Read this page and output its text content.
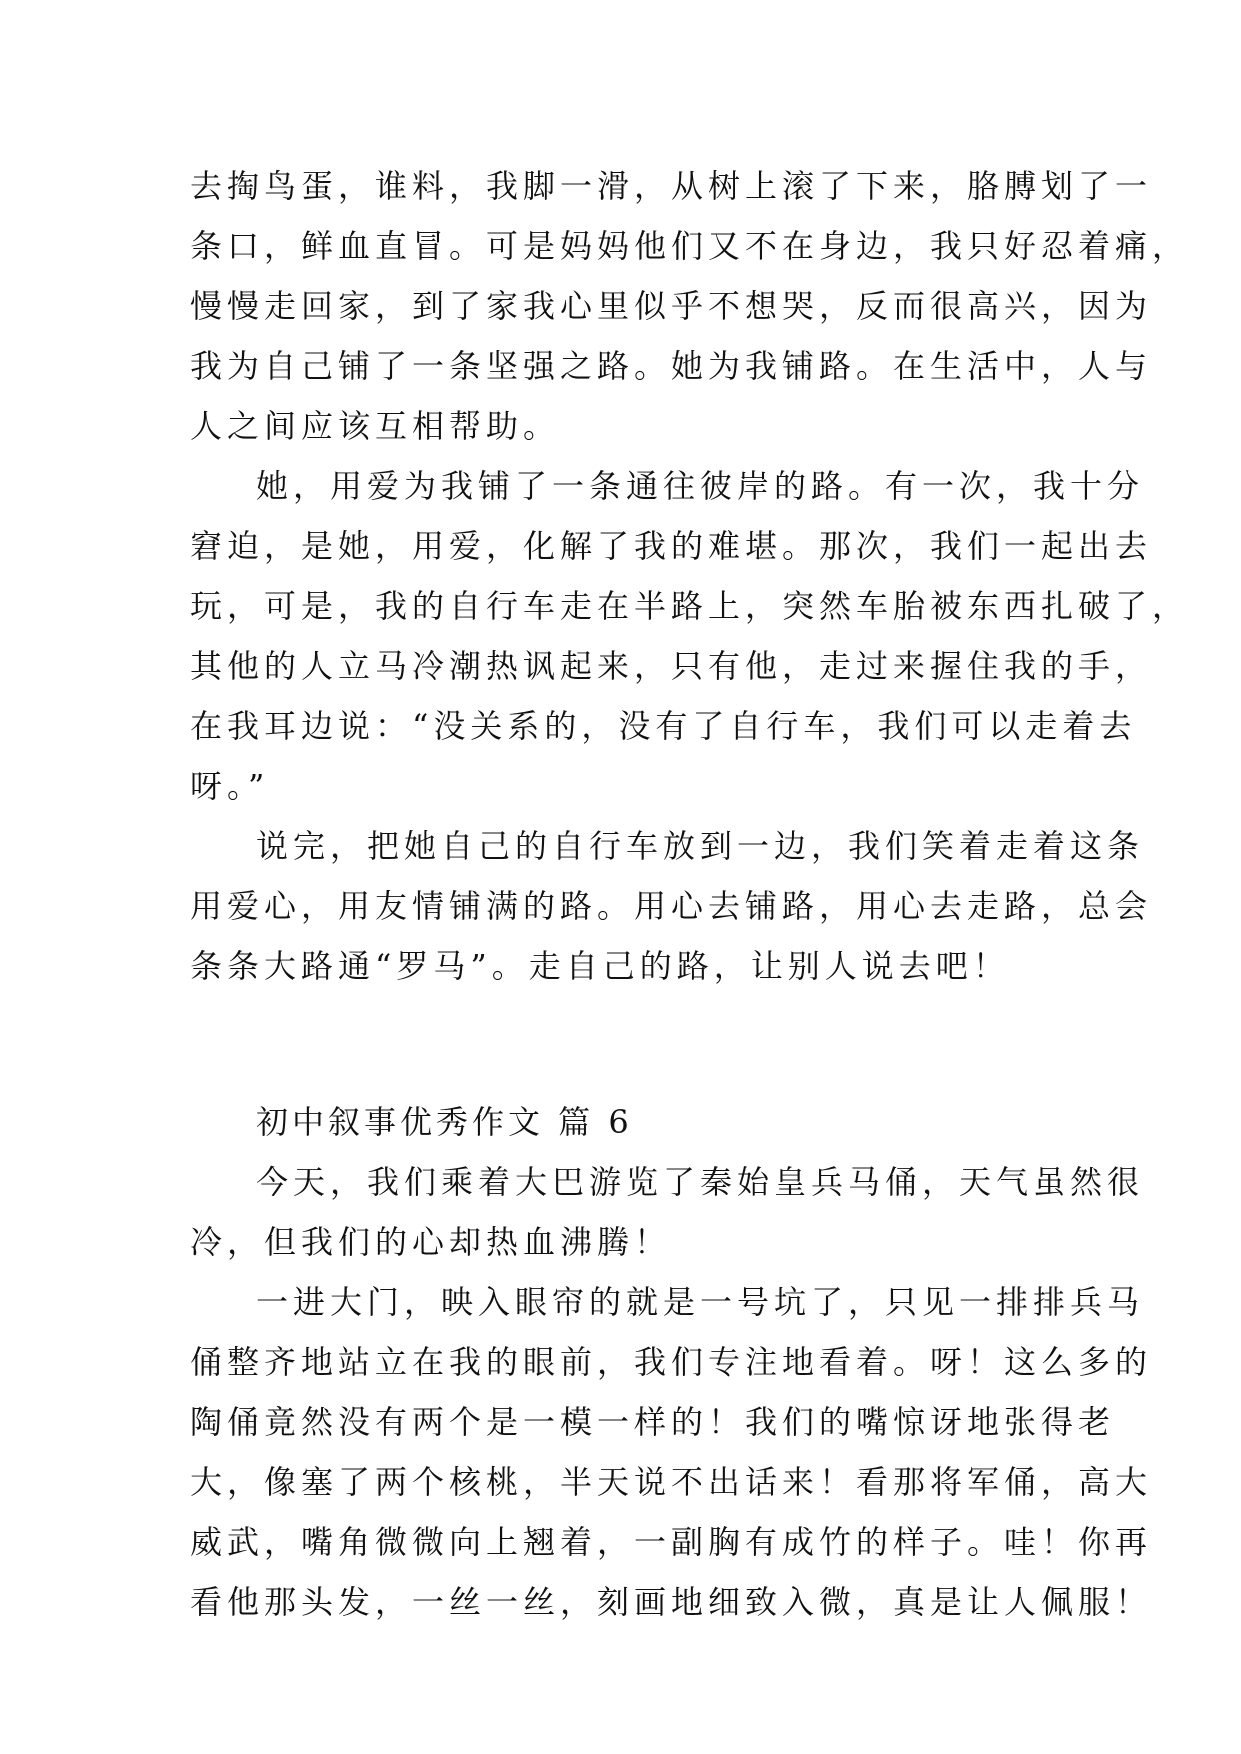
去掏鸟蛋，谁料，我脚一滑，从树上滚了下来，胳膊划了一
条口，鲜血直冒。可是妈妈他们又不在身边，我只好忍着痛，
慢慢走回家，到了家我心里似乎不想哭，反而很高兴，因为
我为自己铺了一条坚强之路。她为我铺路。在生活中，人与
人之间应该互相帮助。
她，用爱为我铺了一条通往彼岸的路。有一次，我十分
窘迫，是她，用爱，化解了我的难堪。那次，我们一起出去
玩，可是，我的自行车走在半路上，突然车胎被东西扎破了，
其他的人立马冷潮热讽起来，只有他，走过来握住我的手，
在我耳边说：“没关系的，没有了自行车，我们可以走着去
呀。”
说完，把她自己的自行车放到一边，我们笑着走着这条
用爱心，用友情铺满的路。用心去铺路，用心去走路，总会
条条大路通“罗马”。走自己的路，让别人说去吧！
初中叙事优秀作文 篇 6
今天，我们乘着大巴游览了秦始皇兵马俑，天气虽然很
冷，但我们的心却热血沸腾！
一进大门，映入眼帘的就是一号坑了，只见一排排兵马
俑整齐地站立在我的眼前，我们专注地看着。呀！这么多的
陶俑竟然没有两个是一模一样的！我们的嘴惊讶地张得老
大，像塞了两个核桃，半天说不出话来！看那将军俑，高大
威武，嘴角微微向上翘着，一副胸有成竹的样子。哇！你再
看他那头发，一丝一丝，刻画地细致入微，真是让人佩服！
